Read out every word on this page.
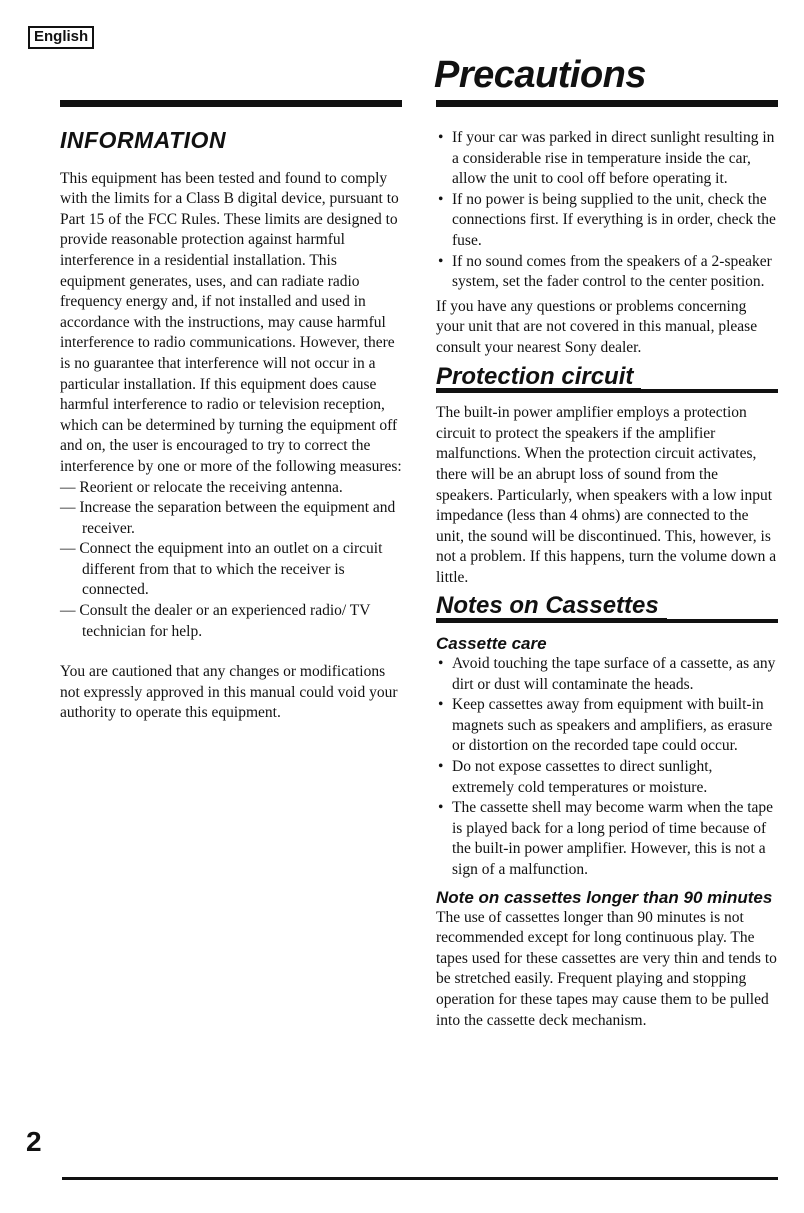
English
Precautions
INFORMATION

This equipment has been tested and found to comply with the limits for a Class B digital device, pursuant to Part 15 of the FCC Rules. These limits are designed to provide reasonable protection against harmful interference in a residential installation. This equipment generates, uses, and can radiate radio frequency energy and, if not installed and used in accordance with the instructions, may cause harmful interference to radio communications. However, there is no guarantee that interference will not occur in a particular installation. If this equipment does cause harmful interference to radio or television reception, which can be determined by turning the equipment off and on, the user is encouraged to try to correct the interference by one or more of the following measures:

— Reorient or relocate the receiving antenna.
— Increase the separation between the equipment and receiver.
— Connect the equipment into an outlet on a circuit different from that to which the receiver is connected.
— Consult the dealer or an experienced radio/ TV technician for help.

You are cautioned that any changes or modifications not expressly approved in this manual could void your authority to operate this equipment.

• If your car was parked in direct sunlight resulting in a considerable rise in temperature inside the car, allow the unit to cool off before operating it.
• If no power is being supplied to the unit, check the connections first. If everything is in order, check the fuse.
• If no sound comes from the speakers of a 2-speaker system, set the fader control to the center position.

If you have any questions or problems concerning your unit that are not covered in this manual, please consult your nearest Sony dealer.

Protection circuit

The built-in power amplifier employs a protection circuit to protect the speakers if the amplifier malfunctions. When the protection circuit activates, there will be an abrupt loss of sound from the speakers. Particularly, when speakers with a low input impedance (less than 4 ohms) are connected to the unit, the sound will be discontinued. This, however, is not a problem. If this happens, turn the volume down a little.

Notes on Cassettes
Cassette care
• Avoid touching the tape surface of a cassette, as any dirt or dust will contaminate the heads.
• Keep cassettes away from equipment with built-in magnets such as speakers and amplifiers, as erasure or distortion on the recorded tape could occur.
• Do not expose cassettes to direct sunlight, extremely cold temperatures or moisture.
• The cassette shell may become warm when the tape is played back for a long period of time because of the built-in power amplifier. However, this is not a sign of a malfunction.
Note on cassettes longer than 90 minutes

The use of cassettes longer than 90 minutes is not recommended except for long continuous play. The tapes used for these cassettes are very thin and tends to be stretched easily. Frequent playing and stopping operation for these tapes may cause them to be pulled into the cassette deck mechanism.

2
